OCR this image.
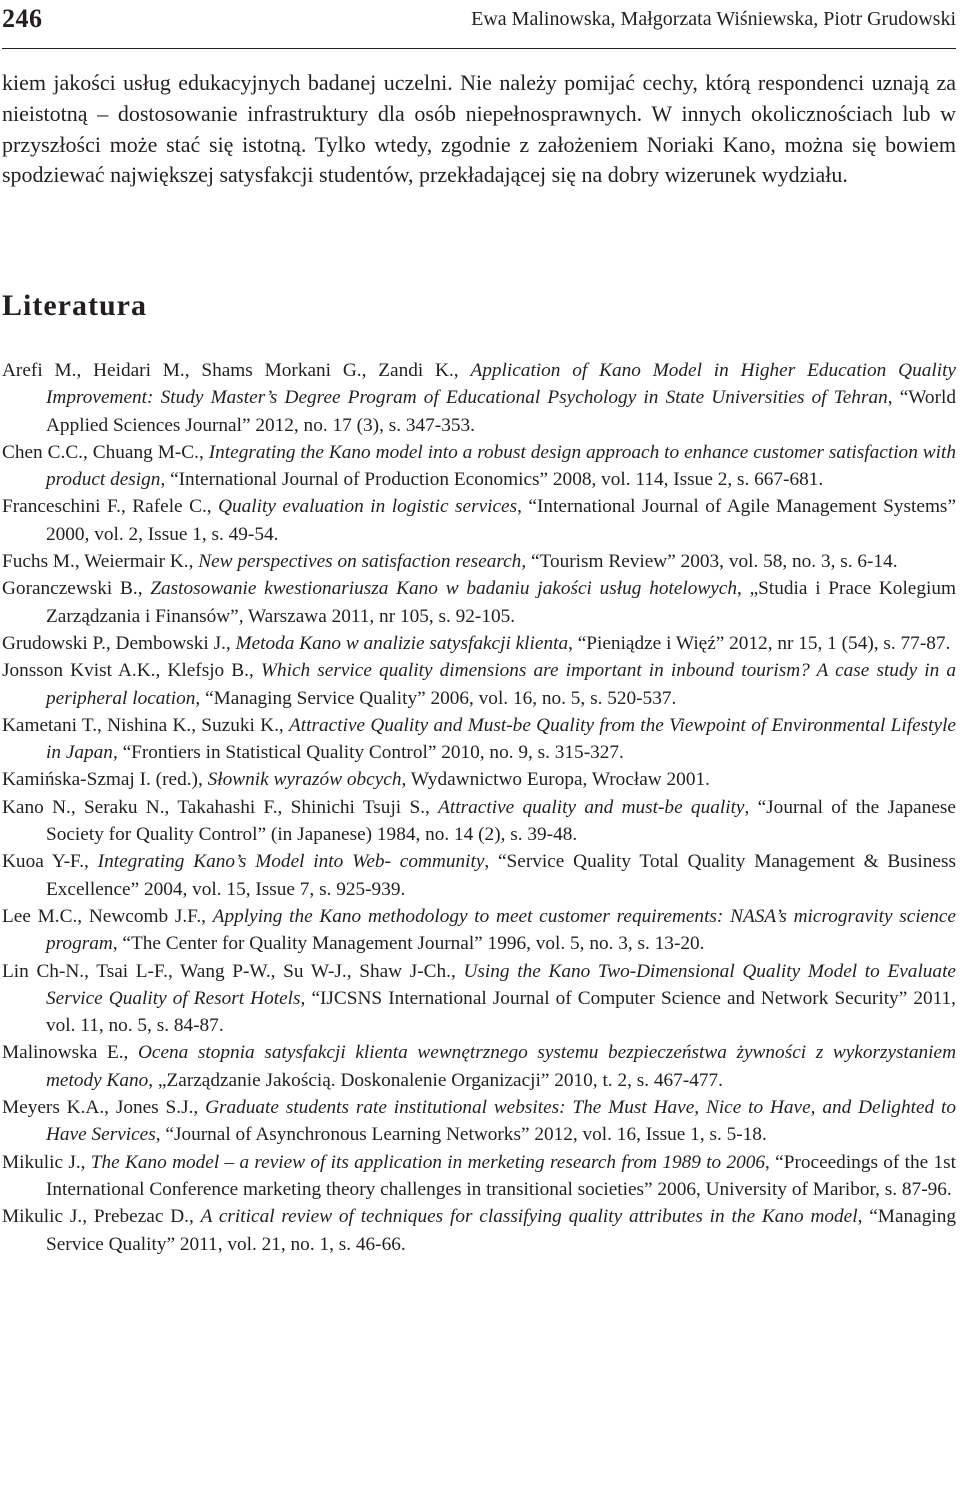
246	Ewa Malinowska, Małgorzata Wiśniewska, Piotr Grudowski

kiem jakości usług edukacyjnych badanej uczelni. Nie należy pomijać cechy, którą respondenci uznają za nieistotną – dostosowanie infrastruktury dla osób niepełnosprawnych. W innych okolicznościach lub w przyszłości może stać się istotną. Tylko wtedy, zgodnie z założeniem Noriaki Kano, można się bowiem spodziewać największej satysfakcji studentów, przekładającej się na dobry wizerunek wydziału.

Literatura

Arefi M., Heidari M., Shams Morkani G., Zandi K., Application of Kano Model in Higher Education Quality Improvement: Study Master’s Degree Program of Educational Psychology in State Universities of Tehran, “World Applied Sciences Journal” 2012, no. 17 (3), s. 347-353.

Chen C.C., Chuang M-C., Integrating the Kano model into a robust design approach to enhance customer satisfaction with product design, “International Journal of Production Economics” 2008, vol. 114, Issue 2, s. 667-681.

Franceschini F., Rafele C., Quality evaluation in logistic services, “International Journal of Agile Management Systems” 2000, vol. 2, Issue 1, s. 49-54.

Fuchs M., Weiermair K., New perspectives on satisfaction research, “Tourism Review” 2003, vol. 58, no. 3, s. 6-14.

Goranczewski B., Zastosowanie kwestionariusza Kano w badaniu jakości usług hotelowych, „Studia i Prace Kolegium Zarządzania i Finansów”, Warszawa 2011, nr 105, s. 92-105.

Grudowski P., Dembowski J., Metoda Kano w analizie satysfakcji klienta, “Pieniądze i Więź” 2012, nr 15, 1 (54), s. 77-87.

Jonsson Kvist A.K., Klefsjo B., Which service quality dimensions are important in inbound tourism? A case study in a peripheral location, “Managing Service Quality” 2006, vol. 16, no. 5, s. 520-537.

Kametani T., Nishina K., Suzuki K., Attractive Quality and Must-be Quality from the Viewpoint of Environmental Lifestyle in Japan, “Frontiers in Statistical Quality Control” 2010, no. 9, s. 315-327.

Kamińska-Szmaj I. (red.), Słownik wyrazów obcych, Wydawnictwo Europa, Wrocław 2001.

Kano N., Seraku N., Takahashi F., Shinichi Tsuji S., Attractive quality and must-be quality, “Journal of the Japanese Society for Quality Control” (in Japanese) 1984, no. 14 (2), s. 39-48.

Kuoa Y-F., Integrating Kano’s Model into Web- community, “Service Quality Total Quality Management & Business Excellence” 2004, vol. 15, Issue 7, s. 925-939.

Lee M.C., Newcomb J.F., Applying the Kano methodology to meet customer requirements: NASA’s microgravity science program, “The Center for Quality Management Journal” 1996, vol. 5, no. 3, s. 13-20.

Lin Ch-N., Tsai L-F., Wang P-W., Su W-J., Shaw J-Ch., Using the Kano Two-Dimensional Quality Model to Evaluate Service Quality of Resort Hotels, “IJCSNS International Journal of Computer Science and Network Security” 2011, vol. 11, no. 5, s. 84-87.

Malinowska E., Ocena stopnia satysfakcji klienta wewnętrznego systemu bezpieczeństwa żywności z wykorzystaniem metody Kano, „Zarządzanie Jakością. Doskonalenie Organizacji” 2010, t. 2, s. 467-477.

Meyers K.A., Jones S.J., Graduate students rate institutional websites: The Must Have, Nice to Have, and Delighted to Have Services, “Journal of Asynchronous Learning Networks” 2012, vol. 16, Issue 1, s. 5-18.

Mikulic J., The Kano model – a review of its application in merketing research from 1989 to 2006, “Proceedings of the 1st International Conference marketing theory challenges in transitional societies” 2006, University of Maribor, s. 87-96.

Mikulic J., Prebezac D., A critical review of techniques for classifying quality attributes in the Kano model, “Managing Service Quality” 2011, vol. 21, no. 1, s. 46-66.
